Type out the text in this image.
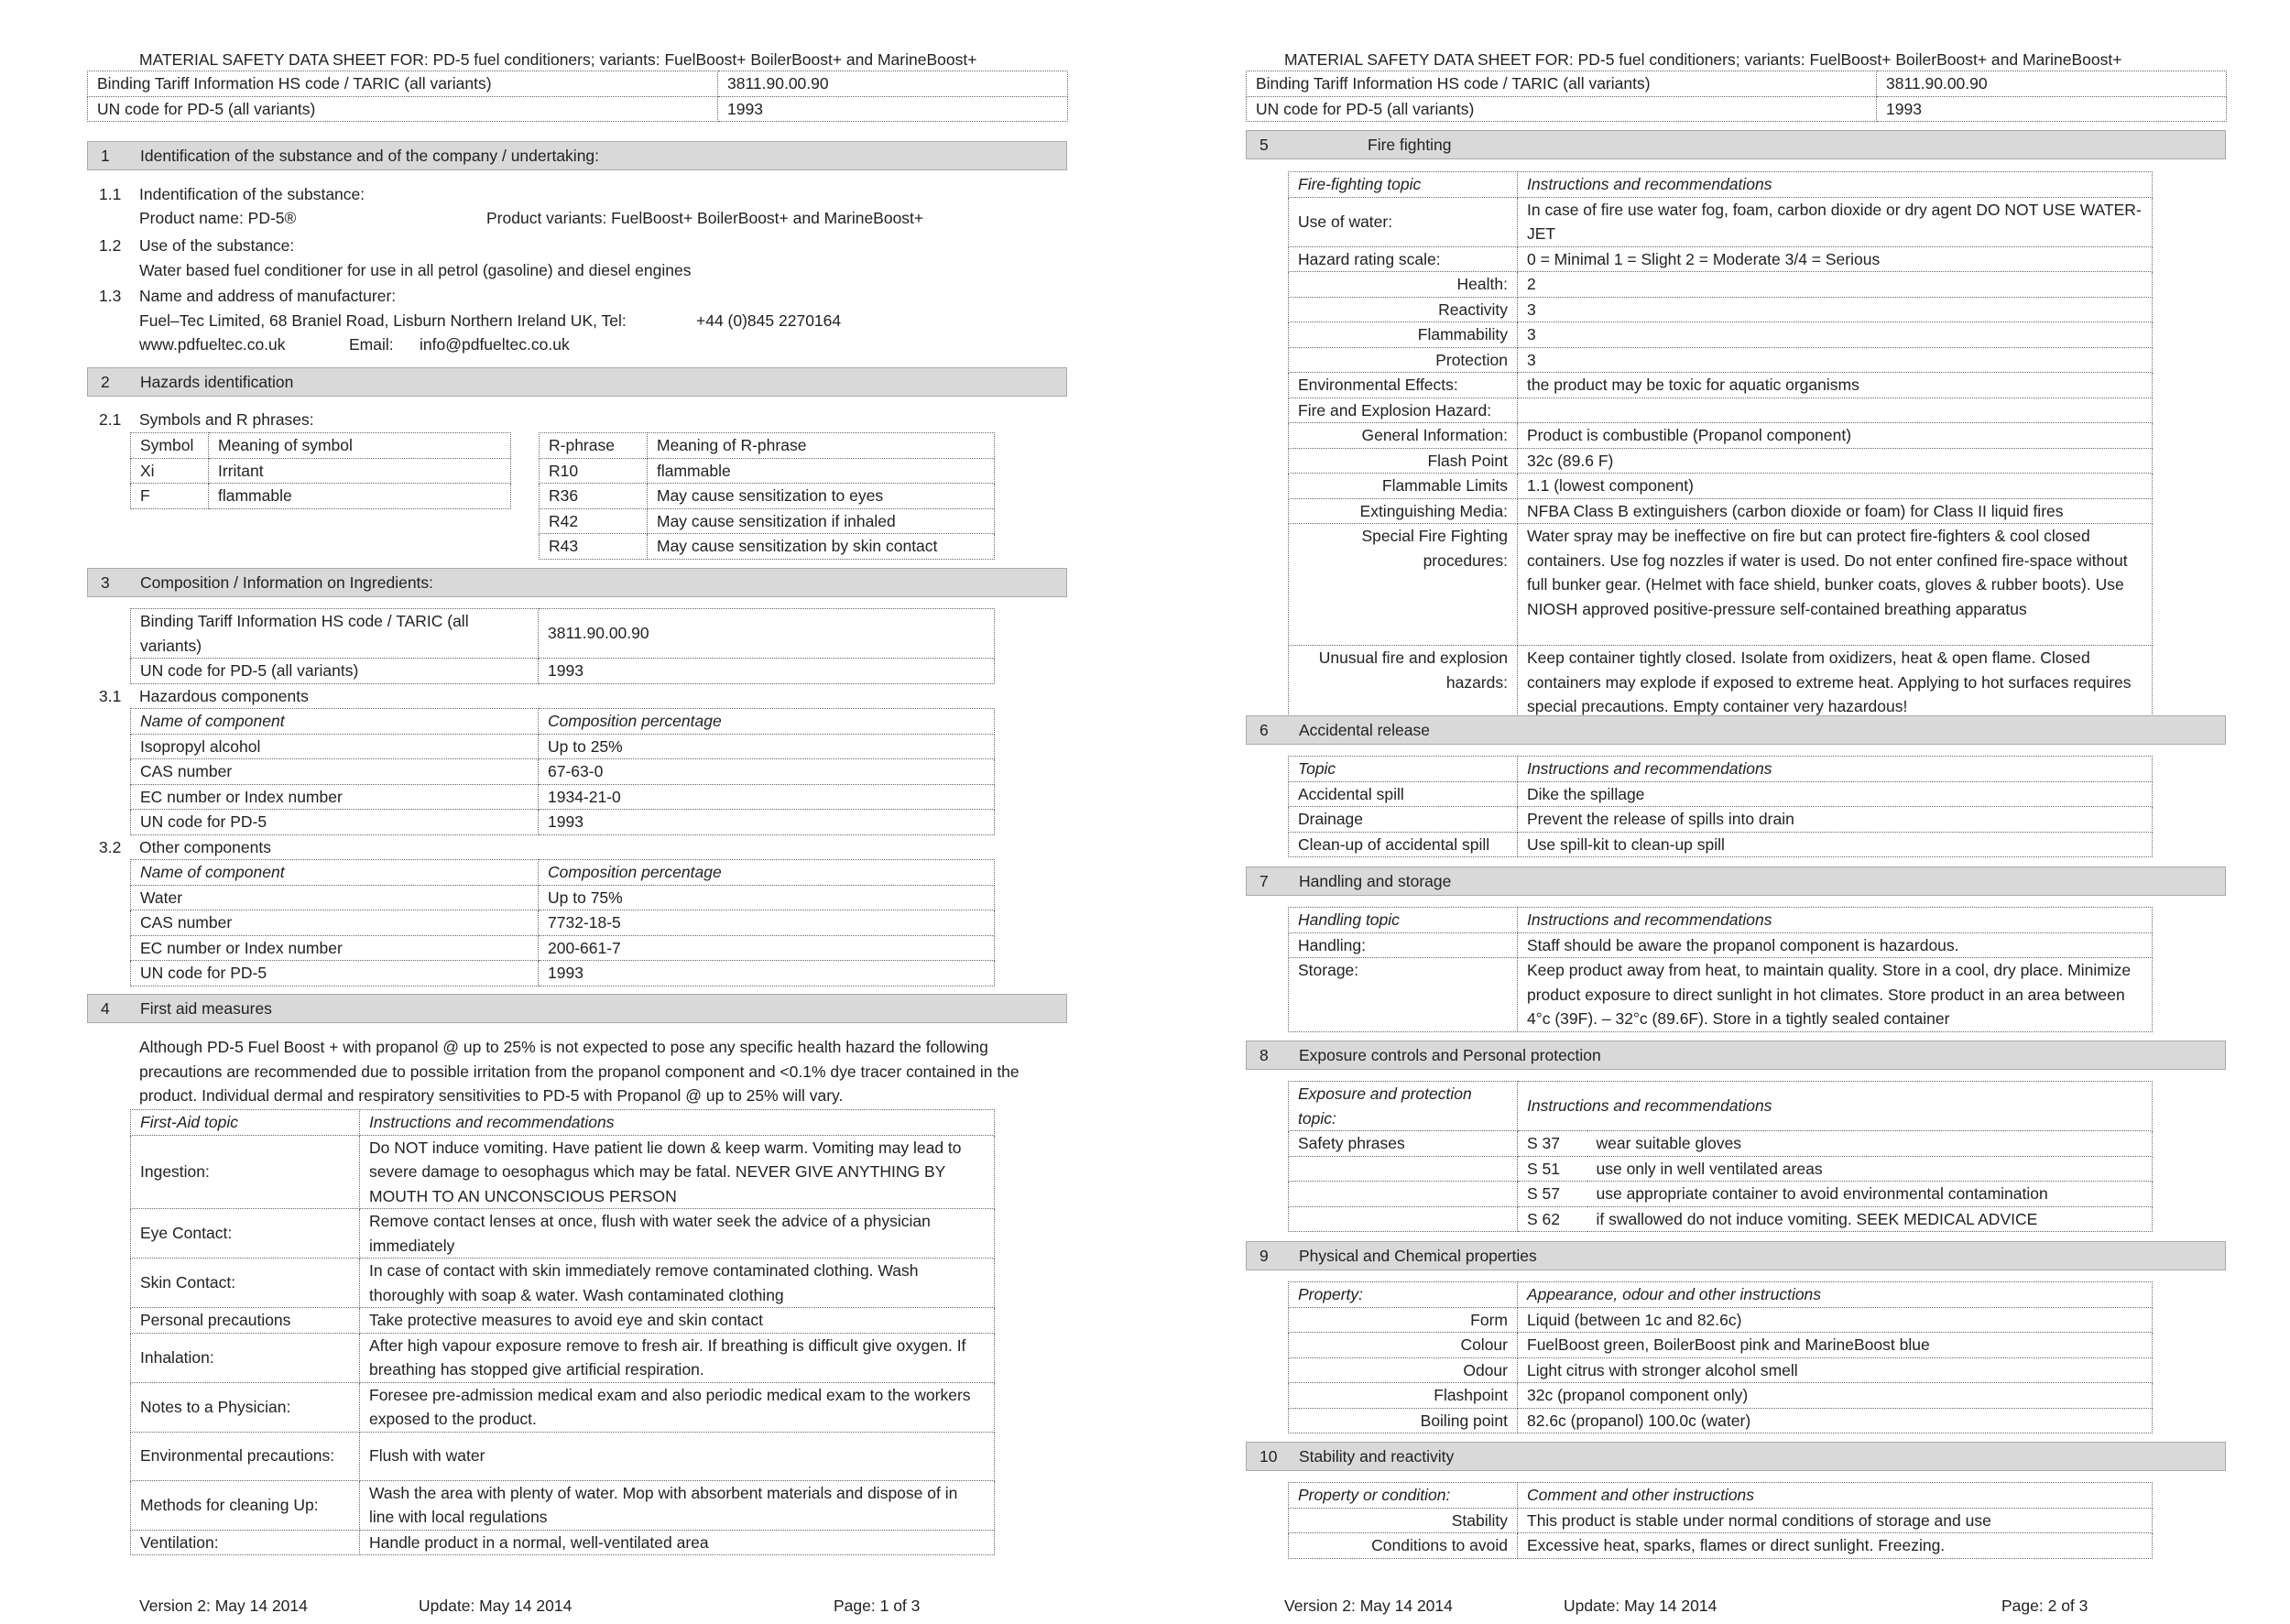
MATERIAL SAFETY DATA SHEET FOR: PD-5 fuel conditioners; variants: FuelBoost+ BoilerBoost+ and MarineBoost+
Binding Tariff Information HS code / TARIC (all variants)	3811.90.00.90
UN code for PD-5 (all variants)	1993
1 Identification of the substance and of the company / undertaking:
1.1 Indentification of the substance:
Product name: PD-5®	Product variants: FuelBoost+ BoilerBoost+ and MarineBoost+
1.2 Use of the substance:
Water based fuel conditioner for use in all petrol (gasoline) and diesel engines
1.3 Name and address of manufacturer:
Fuel–Tec Limited, 68 Braniel Road, Lisburn Northern Ireland UK, Tel:	+44 (0)845 2270164
www.pdfueltec.co.uk	Email: info@pdfueltec.co.uk
2 Hazards identification
2.1 Symbols and R phrases:
Symbol	Meaning of symbol
Xi	Irritant
F	flammable
R-phrase	Meaning of R-phrase
R10	flammable
R36	May cause sensitization to eyes
R42	May cause sensitization if inhaled
R43	May cause sensitization by skin contact
3 Composition / Information on Ingredients:
Binding Tariff Information HS code / TARIC (all variants)	3811.90.00.90
UN code for PD-5 (all variants)	1993
3.1 Hazardous components
Name of component	Composition percentage
Isopropyl alcohol	Up to 25%
CAS number	67-63-0
EC number or Index number	1934-21-0
UN code for PD-5	1993
3.2 Other components
Name of component	Composition percentage
Water	Up to 75%
CAS number	7732-18-5
EC number or Index number	200-661-7
UN code for PD-5	1993
4 First aid measures
Although PD-5 Fuel Boost + with propanol @ up to 25% is not expected to pose any specific health hazard the following precautions are recommended due to possible irritation from the propanol component and <0.1% dye tracer contained in the product. Individual dermal and respiratory sensitivities to PD-5 with Propanol @ up to 25% will vary.
First-Aid topic	Instructions and recommendations
Ingestion:	Do NOT induce vomiting. Have patient lie down & keep warm. Vomiting may lead to severe damage to oesophagus which may be fatal. NEVER GIVE ANYTHING BY MOUTH TO AN UNCONSCIOUS PERSON
Eye Contact:	Remove contact lenses at once, flush with water seek the advice of a physician immediately
Skin Contact:	In case of contact with skin immediately remove contaminated clothing. Wash thoroughly with soap & water. Wash contaminated clothing
Personal precautions	Take protective measures to avoid eye and skin contact
Inhalation:	After high vapour exposure remove to fresh air. If breathing is difficult give oxygen. If breathing has stopped give artificial respiration.
Notes to a Physician:	Foresee pre-admission medical exam and also periodic medical exam to the workers exposed to the product.
Environmental precautions:	Flush with water
Methods for cleaning Up:	Wash the area with plenty of water. Mop with absorbent materials and dispose of in line with local regulations
Ventilation:	Handle product in a normal, well-ventilated area
Version 2: May 14 2014	Update: May 14 2014	Page: 1 of 3
MATERIAL SAFETY DATA SHEET FOR: PD-5 fuel conditioners; variants: FuelBoost+ BoilerBoost+ and MarineBoost+
Binding Tariff Information HS code / TARIC (all variants)	3811.90.00.90
UN code for PD-5 (all variants)	1993
5	Fire fighting
Fire-fighting topic	Instructions and recommendations
Use of water:	In case of fire use water fog, foam, carbon dioxide or dry agent DO NOT USE WATER-JET
Hazard rating scale:	0 = Minimal 1 = Slight 2 = Moderate 3/4 = Serious
Health:	2
Reactivity	3
Flammability	3
Protection	3
Environmental Effects:	the product may be toxic for aquatic organisms
Fire and Explosion Hazard:	
General Information:	Product is combustible (Propanol component)
Flash Point	32c (89.6 F)
Flammable Limits	1.1 (lowest component)
Extinguishing Media:	NFBA Class B extinguishers (carbon dioxide or foam) for Class II liquid fires
Special Fire Fighting procedures:	Water spray may be ineffective on fire but can protect fire-fighters & cool closed containers. Use fog nozzles if water is used. Do not enter confined fire-space without full bunker gear. (Helmet with face shield, bunker coats, gloves & rubber boots). Use NIOSH approved positive-pressure self-contained breathing apparatus
Unusual fire and explosion hazards:	Keep container tightly closed. Isolate from oxidizers, heat & open flame. Closed containers may explode if exposed to extreme heat. Applying to hot surfaces requires special precautions. Empty container very hazardous!
6 Accidental release
Topic	Instructions and recommendations
Accidental spill	Dike the spillage
Drainage	Prevent the release of spills into drain
Clean-up of accidental spill	Use spill-kit to clean-up spill
7 Handling and storage
Handling topic	Instructions and recommendations
Handling:	Staff should be aware the propanol component is hazardous.
Storage:	Keep product away from heat, to maintain quality. Store in a cool, dry place. Minimize product exposure to direct sunlight in hot climates. Store product in an area between 4°c (39F). – 32°c (89.6F). Store in a tightly sealed container
8 Exposure controls and Personal protection
Exposure and protection topic:	Instructions and recommendations	
Safety phrases	S 37	wear suitable gloves
	S 51	use only in well ventilated areas
	S 57	use appropriate container to avoid environmental contamination
	S 62	if swallowed do not induce vomiting. SEEK MEDICAL ADVICE
9 Physical and Chemical properties
Property:	Appearance, odour and other instructions
Form	Liquid (between 1c and 82.6c)
Colour	FuelBoost green, BoilerBoost pink and MarineBoost blue
Odour	Light citrus with stronger alcohol smell
Flashpoint	32c (propanol component only)
Boiling point	82.6c (propanol) 100.0c (water)
10 Stability and reactivity
Property or condition:	Comment and other instructions
Stability	This product is stable under normal conditions of storage and use
Conditions to avoid	Excessive heat, sparks, flames or direct sunlight. Freezing.
Version 2: May 14 2014	Update: May 14 2014	Page: 2 of 3
